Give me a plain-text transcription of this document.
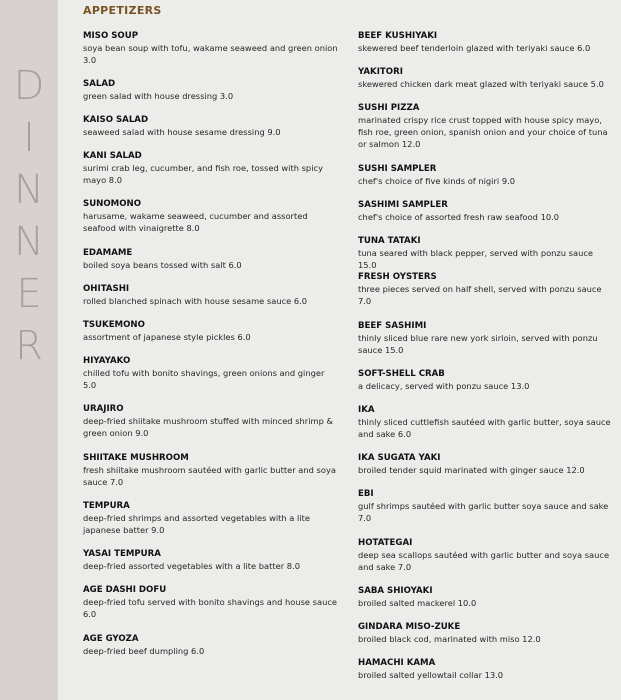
D
I
N
N
E
R
APPETIZERS
MISO SOUP
soya bean soup with tofu, wakame seaweed and green onion 3.0
SALAD
green salad with house dressing 3.0
KAISO SALAD
seaweed salad with house sesame dressing 9.0
KANI SALAD
surimi crab leg, cucumber, and fish roe, tossed with spicy mayo 8.0
SUNOMONO
harusame, wakame seaweed, cucumber and assorted seafood with vinaigrette 8.0
EDAMAME
boiled soya beans tossed with salt 6.0
OHITASHI
rolled blanched spinach with house sesame sauce 6.0
TSUKEMONO
assortment of japanese style pickles 6.0
HIYAYAKO
chilled tofu with bonito shavings, green onions and ginger 5.0
URAJIRO
deep-fried shiitake mushroom stuffed with minced shrimp & green onion 9.0
SHIITAKE MUSHROOM
fresh shiitake mushroom sautéed with garlic butter and soya sauce 7.0
TEMPURA
deep-fried shrimps and assorted vegetables with a lite japanese batter 9.0
YASAI TEMPURA
deep-fried assorted vegetables with a lite batter 8.0
AGE DASHI DOFU
deep-fried tofu served with bonito shavings and house sauce 6.0
AGE GYOZA
deep-fried beef dumpling 6.0
BEEF KUSHIYAKI
skewered beef tenderloin glazed with teriyaki sauce 6.0
YAKITORI
skewered chicken dark meat glazed with teriyaki sauce 5.0
SUSHI PIZZA
marinated crispy rice crust topped with house spicy mayo, fish roe, green onion, spanish onion and your choice of tuna or salmon 12.0
SUSHI SAMPLER
chef's choice of five kinds of nigiri 9.0
SASHIMI SAMPLER
chef's choice of assorted fresh raw seafood 10.0
TUNA TATAKI
tuna seared with black pepper, served with ponzu sauce 15.0
FRESH OYSTERS
three pieces served on half shell, served with ponzu sauce 7.0
BEEF SASHIMI
thinly sliced blue rare new york sirloin, served with ponzu sauce 15.0
SOFT-SHELL CRAB
a delicacy, served with ponzu sauce 13.0
IKA
thinly sliced cuttlefish sautéed with garlic butter, soya sauce and sake 6.0
IKA SUGATA YAKI
broiled tender squid marinated with ginger sauce 12.0
EBI
gulf shrimps sautéed with garlic butter soya sauce and sake 7.0
HOTATEGAI
deep sea scallops sautéed with garlic butter and soya sauce and sake 7.0
SABA SHIOYAKI
broiled salted mackerel 10.0
GINDARA MISO-ZUKE
broiled black cod, marinated with miso 12.0
HAMACHI KAMA
broiled salted yellowtail collar 13.0
